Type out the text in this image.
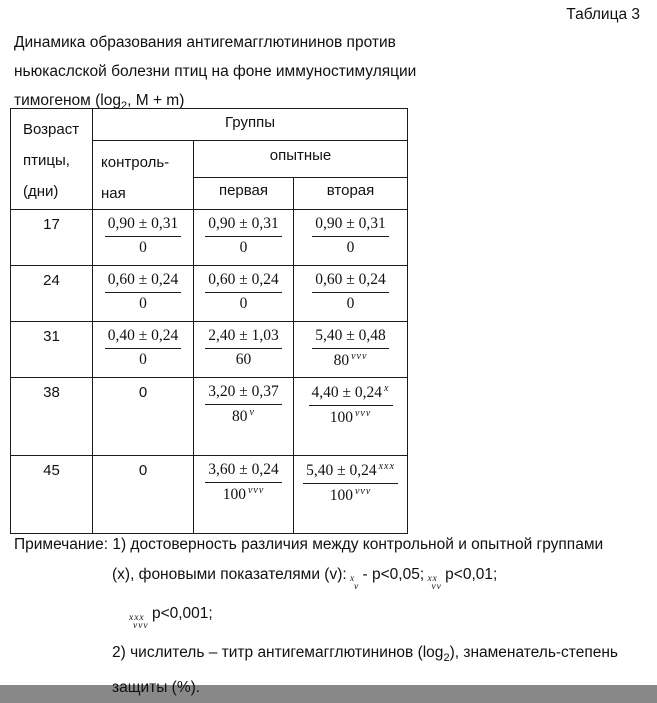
Таблица 3
Динамика образования антигемагглютининов против
ньюкаслской болезни птиц на фоне иммуностимуляции
тимогеном ($\log_2$, M + m)
Возраст
птицы,
(дни)	Группы		
	контроль-
ная	опытные	
		первая	вторая
17	$\frac{0,90 \pm 0,31}{0}$	$\frac{0,90 \pm 0,31}{0}$	$\frac{0,90 \pm 0,31}{0}$

24	$\frac{0,60 \pm 0,24}{0}$	$\frac{0,60 \pm 0,24}{0}$	$\frac{0,60 \pm 0,24}{0}$

31	$\frac{0,40 \pm 0,24}{0}$	$\frac{2,40 \pm 1,03}{60}$	$\frac{5,40 \pm 0,48}{80 ^{vvv}}$

38	0	$\frac{3,20 \pm 0,37}{80 ^v}$	$\frac{4,40 \pm 0,24 ^x}{100 ^{vvv}}$

45	0	$\frac{3,60 \pm 0,24}{100 ^{vvv}}$	$\frac{5,40 \pm 0,24 ^{xxx}}{100 ^{vvv}}$
Примечание: 1) достоверность различия между контрольной и опытной группами
(х), фоновыми показателями (v): x
v
- p<0,05; xx
vv
p<0,01;
xxx
vvv
p<0,001;
2) числитель – титр антигемагглютининов $(\log_2)$, знаменатель-степень
защиты (%).
